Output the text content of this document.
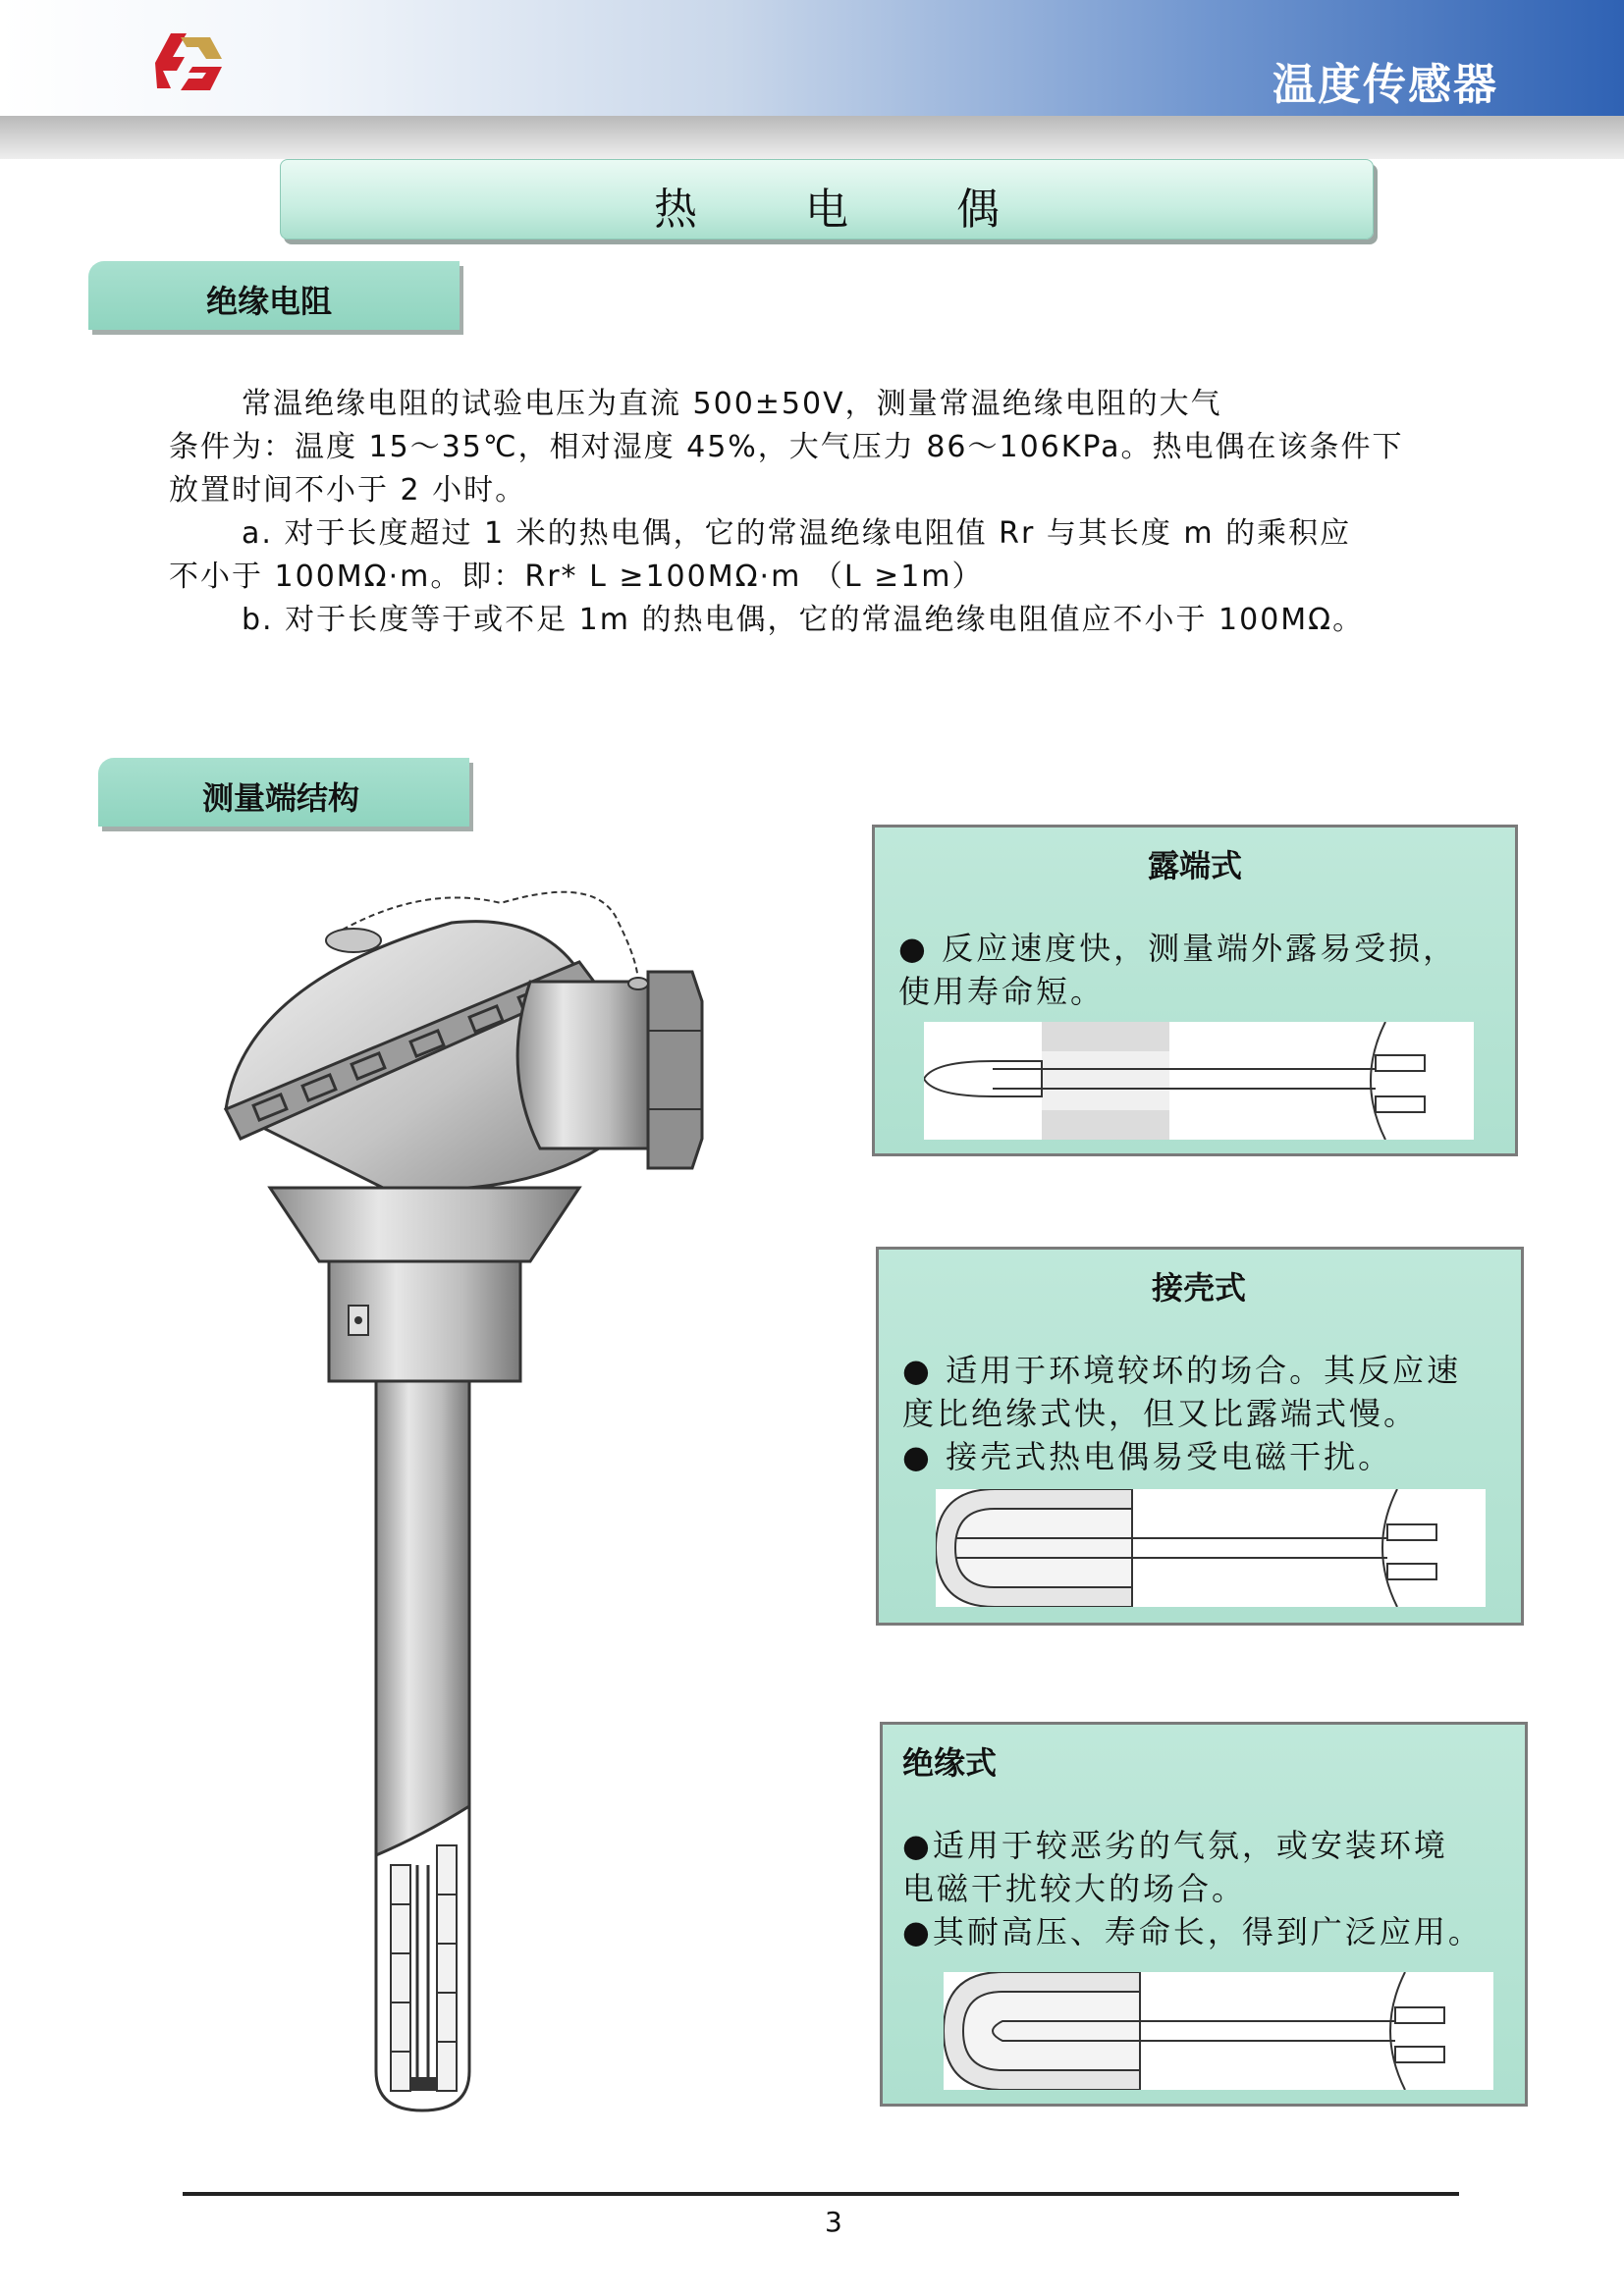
温度传感器
热 电 偶
绝缘电阻
常温绝缘电阻的试验电压为直流 500±50V，测量常温绝缘电阻的大气
条件为：温度 15～35℃，相对湿度 45%，大气压力 86～106KPa。热电偶在该条件下
放置时间不小于 2 小时。
a. 对于长度超过 1 米的热电偶，它的常温绝缘电阻值 Rr 与其长度 m 的乘积应
不小于 100MΩ·m。即：Rr* L ≥100MΩ·m （L ≥1m）
b. 对于长度等于或不足 1m 的热电偶，它的常温绝缘电阻值应不小于 100MΩ。
测量端结构
露端式
● 反应速度快，测量端外露易受损，
使用寿命短。
接壳式
● 适用于环境较坏的场合。其反应速
度比绝缘式快，但又比露端式慢。
● 接壳式热电偶易受电磁干扰。
绝缘式
●适用于较恶劣的气氛，或安装环境
电磁干扰较大的场合。
●其耐高压、寿命长，得到广泛应用。
3
